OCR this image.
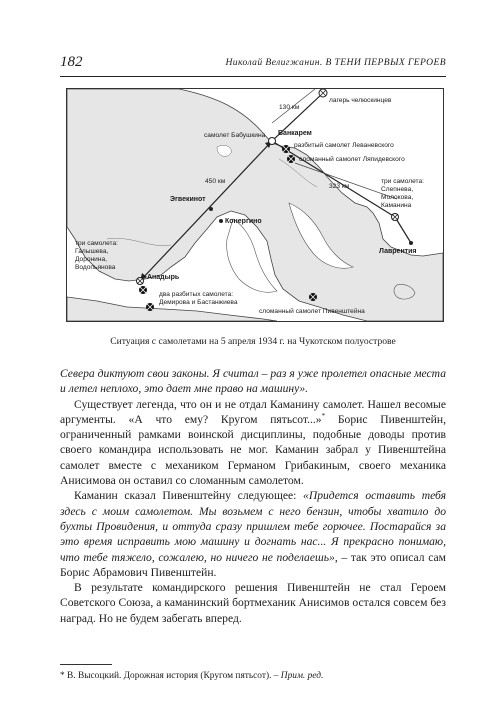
182	Николай Велигжанин. В ТЕНИ ПЕРВЫХ ГЕРОЕВ
лагерь челюскинцев
130 км
самолет Бабушкина Ванкарем
разбитый самолет Леваневского
сломанный самолет Ляпидевского
450 км
323 км
Эгвекинот
Конергино
три самолета:
Слепнева,
Молокова,
Каманина
Лаврентия
три самолета:
Галышева,
Доронина,
Водопьянова
Анадырь
два разбитых самолета:
Демирова и Бастанжиева
сломанный самолет Пивенштейна
Ситуация с самолетами на 5 апреля 1934 г. на Чукотском полуострове

Севера диктуют свои законы. Я считал – раз я уже пролетел опасные места и летел неплохо, это дает мне право на машину».

Существует легенда, что он и не отдал Каманину самолет. Нашел весомые аргументы. «А что ему? Кругом пятьсот...»* Борис Пивенштейн, ограниченный рамками воинской дисциплины, подобные доводы против своего командира использовать не мог. Каманин забрал у Пивенштейна самолет вместе с механиком Германом Грибакиным, своего механика Анисимова он оставил со сломанным самолетом.

Каманин сказал Пивенштейну следующее: «Придется оставить тебя здесь с моим самолетом. Мы возьмем с него бензин, чтобы хватило до бухты Провидения, и оттуда сразу пришлем тебе горючее. Постарайся за это время исправить мою машину и догнать нас... Я прекрасно понимаю, что тебе тяжело, сожалею, но ничего не поделаешь», – так это описал сам Борис Абрамович Пивенштейн.

В результате командирского решения Пивенштейн не стал Героем Советского Союза, а каманинский бортмеханик Анисимов остался совсем без наград. Но не будем забегать вперед.

* В. Высоцкий. Дорожная история (Кругом пятьсот). – Прим. ред.
